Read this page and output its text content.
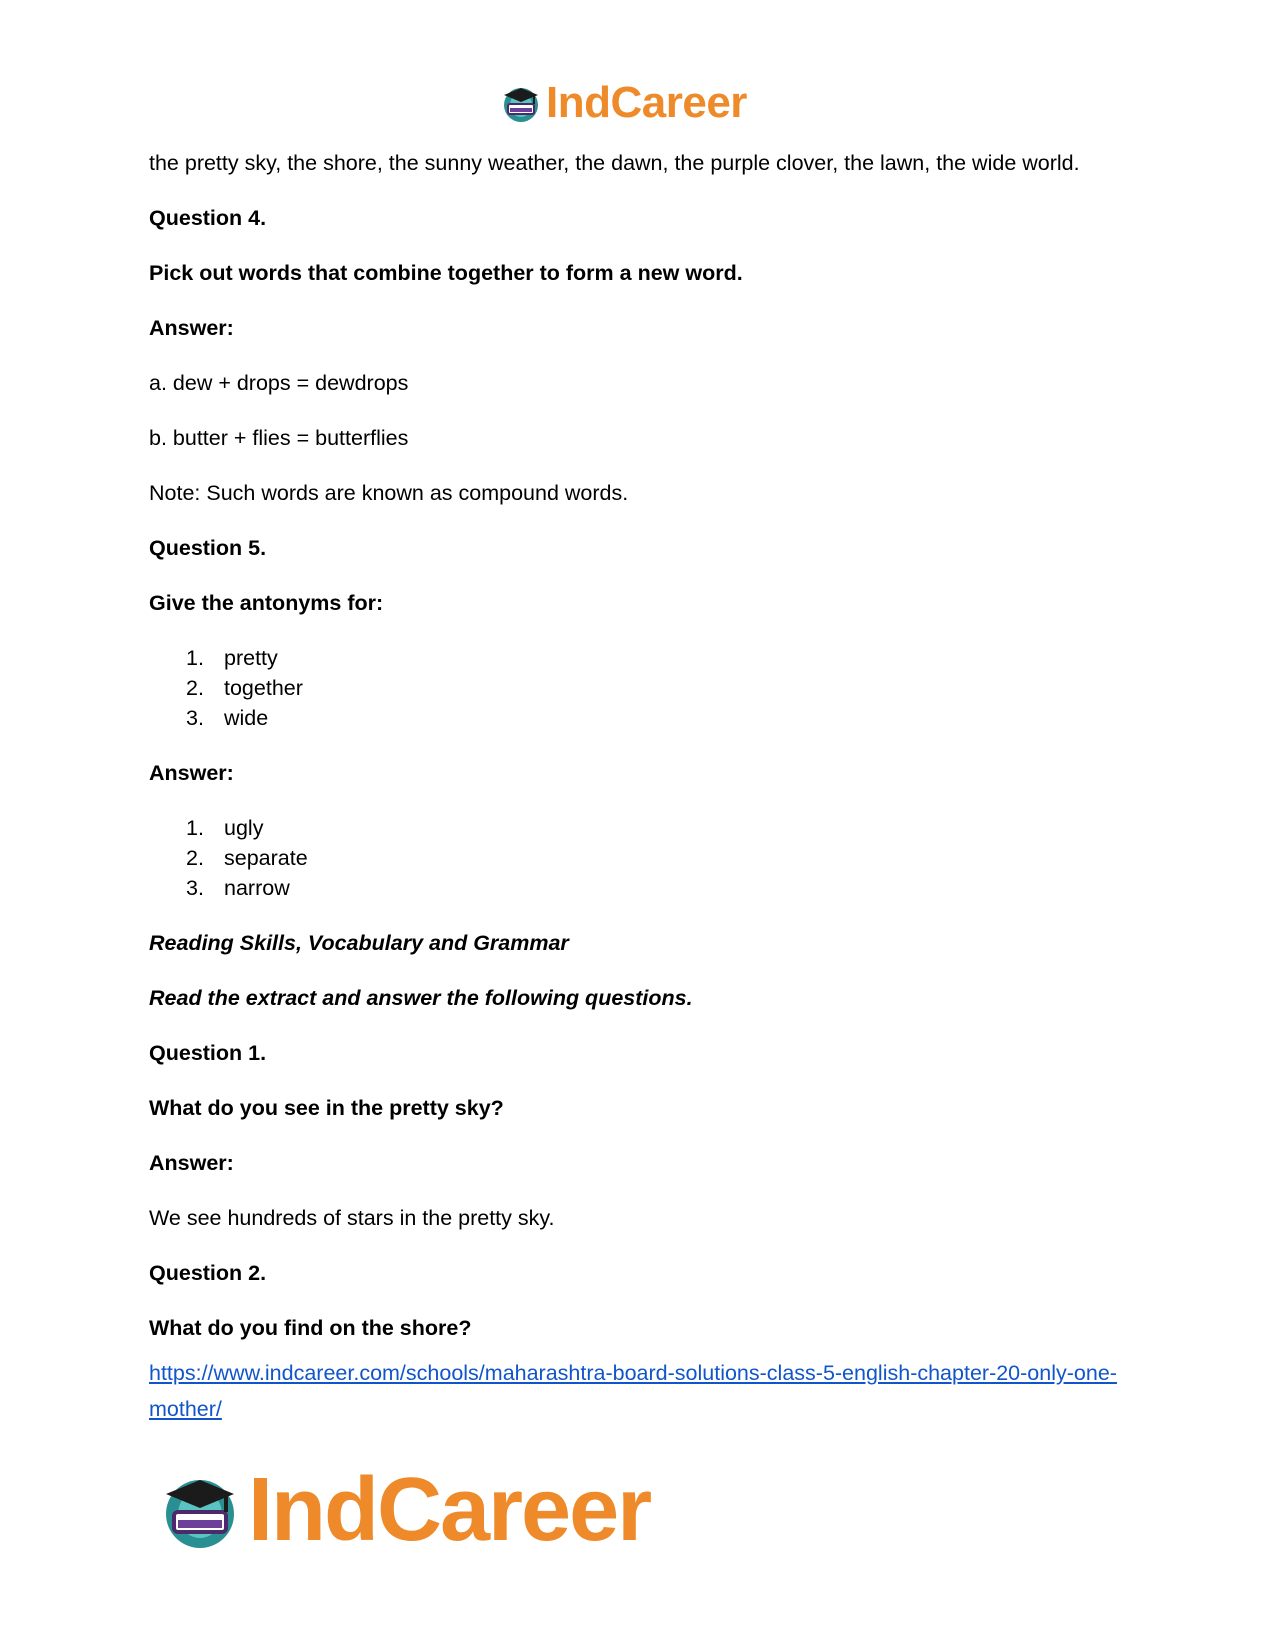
IndCareer

the pretty sky, the shore, the sunny weather, the dawn, the purple clover, the lawn, the wide world.

Question 4.

Pick out words that combine together to form a new word.

Answer:

a. dew + drops = dewdrops

b. butter + flies = butterflies

Note: Such words are known as compound words.

Question 5.

Give the antonyms for:

1. pretty
2. together
3. wide

Answer:

1. ugly
2. separate
3. narrow

Reading Skills, Vocabulary and Grammar

Read the extract and answer the following questions.

Question 1.

What do you see in the pretty sky?

Answer:

We see hundreds of stars in the pretty sky.

Question 2.

What do you find on the shore?

https://www.indcareer.com/schools/maharashtra-board-solutions-class-5-english-chapter-20-only-one-mother/
IndCareer
